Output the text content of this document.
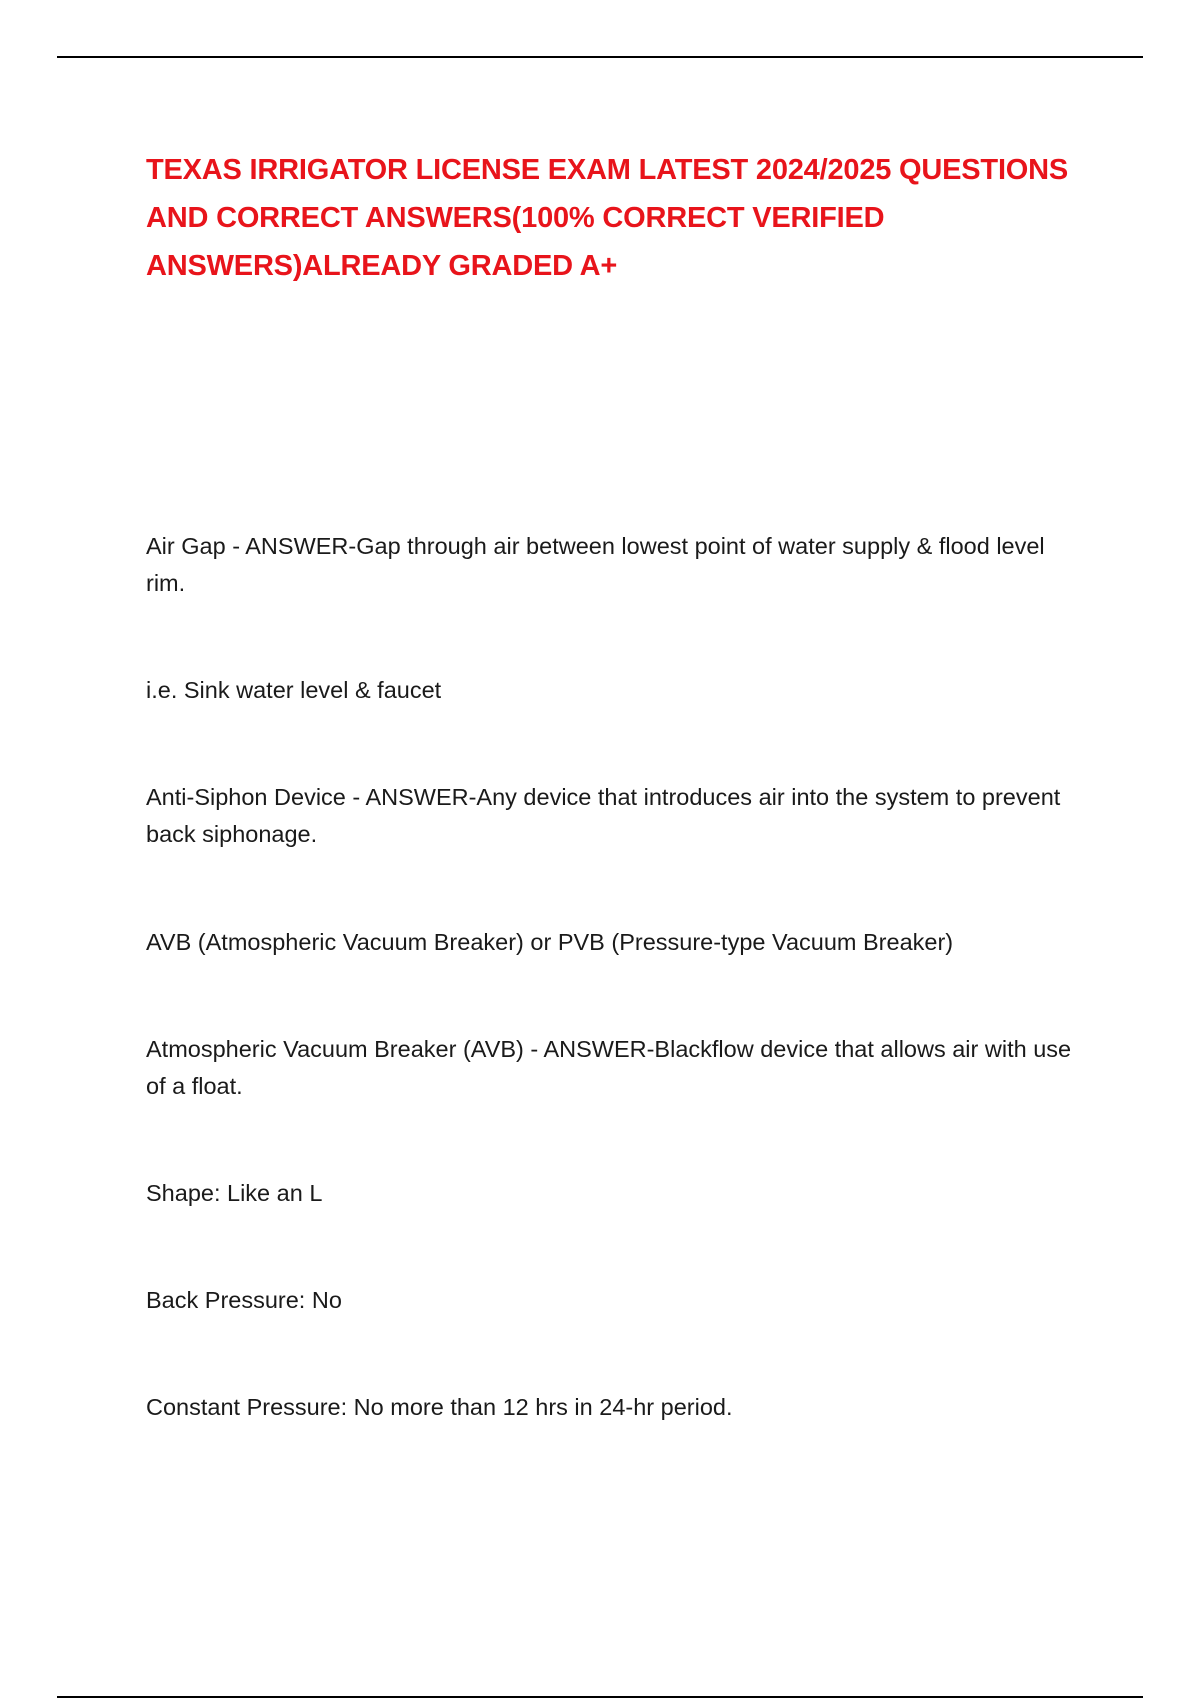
TEXAS IRRIGATOR LICENSE EXAM LATEST 2024/2025 QUESTIONS AND CORRECT ANSWERS(100% CORRECT VERIFIED ANSWERS)ALREADY GRADED A+

Air Gap - ANSWER-Gap through air between lowest point of water supply & flood level rim.

i.e. Sink water level & faucet

Anti-Siphon Device - ANSWER-Any device that introduces air into the system to prevent back siphonage.

AVB (Atmospheric Vacuum Breaker) or PVB (Pressure-type Vacuum Breaker)

Atmospheric Vacuum Breaker (AVB) - ANSWER-Blackflow device that allows air with use of a float.

Shape: Like an L

Back Pressure: No

Constant Pressure: No more than 12 hrs in 24-hr period.
